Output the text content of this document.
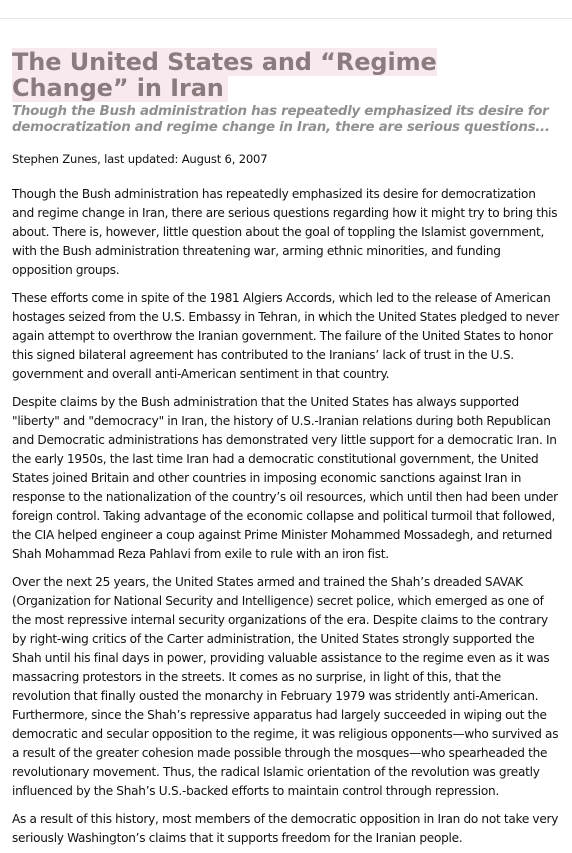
The United States and “Regime Change” in Iran
Though the Bush administration has repeatedly emphasized its desire for democratization and regime change in Iran, there are serious questions...
Stephen Zunes, last updated: August 6, 2007

Though the Bush administration has repeatedly emphasized its desire for democratization and regime change in Iran, there are serious questions regarding how it might try to bring this about. There is, however, little question about the goal of toppling the Islamist government, with the Bush administration threatening war, arming ethnic minorities, and funding opposition groups.

These efforts come in spite of the 1981 Algiers Accords, which led to the release of American hostages seized from the U.S. Embassy in Tehran, in which the United States pledged to never again attempt to overthrow the Iranian government. The failure of the United States to honor this signed bilateral agreement has contributed to the Iranians’ lack of trust in the U.S. government and overall anti-American sentiment in that country.

Despite claims by the Bush administration that the United States has always supported "liberty" and "democracy" in Iran, the history of U.S.-Iranian relations during both Republican and Democratic administrations has demonstrated very little support for a democratic Iran. In the early 1950s, the last time Iran had a democratic constitutional government, the United States joined Britain and other countries in imposing economic sanctions against Iran in response to the nationalization of the country’s oil resources, which until then had been under foreign control. Taking advantage of the economic collapse and political turmoil that followed, the CIA helped engineer a coup against Prime Minister Mohammed Mossadegh, and returned Shah Mohammad Reza Pahlavi from exile to rule with an iron fist.

Over the next 25 years, the United States armed and trained the Shah’s dreaded SAVAK (Organization for National Security and Intelligence) secret police, which emerged as one of the most repressive internal security organizations of the era. Despite claims to the contrary by right-wing critics of the Carter administration, the United States strongly supported the Shah until his final days in power, providing valuable assistance to the regime even as it was massacring protestors in the streets. It comes as no surprise, in light of this, that the revolution that finally ousted the monarchy in February 1979 was stridently anti-American. Furthermore, since the Shah’s repressive apparatus had largely succeeded in wiping out the democratic and secular opposition to the regime, it was religious opponents—who survived as a result of the greater cohesion made possible through the mosques—who spearheaded the revolutionary movement. Thus, the radical Islamic orientation of the revolution was greatly influenced by the Shah’s U.S.-backed efforts to maintain control through repression.

As a result of this history, most members of the democratic opposition in Iran do not take very seriously Washington’s claims that it supports freedom for the Iranian people.
